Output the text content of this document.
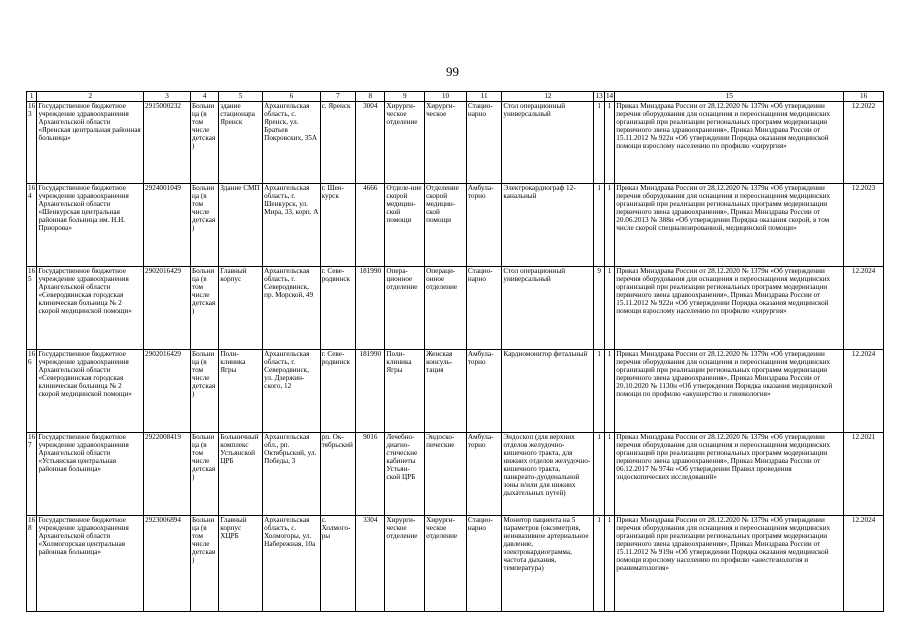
99
1	2	3	4	5	6	7	8	9	10	11	12	13	14	15	16
163	Государственное бюджетное учреждение здравоохранения Архангельской области «Яренская центральная районная больница»	2915000232	Больница (в том числе детская)	здание стационара Яренск	Архангельская область, с. Яренск, ул. Братьев Покровских, 35А	с. Яренск	3004	Хирурги-ческое отделение	Хирурги-ческое	Стацио-нарно	Стол операционный универсальный	1	1	Приказ Минздрава России от 28.12.2020 № 1379н «Об утверждении перечня оборудования для оснащения и переоснащения медицинских организаций при реализации региональных программ модернизации первичного звена здравоохранения», Приказ Минздрава России от 15.11.2012 № 922н «Об утверждении Порядка оказания медицинской помощи взрослому населению по профилю «хирургия»	12.2022
164	Государственное бюджетное учреждение здравоохранения Архангельской области «Шенкурская центральная районная больница им. Н.Н. Приорова»	2924001049	Больница (в том числе детская)	Здание СМП	Архангельская область, г. Шенкурск, ул. Мира, 33, корп. А	г. Шен-курск	4666	Отделе-ние скорой медицин-ской помощи	Отделение скорой медицин-ской помощи	Амбула-торно	Электрокардиограф 12-канальный	1	1	Приказ Минздрава России от 28.12.2020 № 1379н «Об утверждении перечня оборудования для оснащения и переоснащения медицинских организаций при реализации региональных программ модернизации первичного звена здравоохранения», Приказ Минздрава России от 20.06.2013 № 388н «Об утверждении Порядка оказания скорой, в том числе скорой специализированной, медицинской помощи»	12.2023
165	Государственное бюджетное учреждение здравоохранения Архангельской области «Северодвинская городская клиническая больница № 2 скорой медицинской помощи»	2902016429	Больница (в том числе детская)	Главный корпус	Архангельская область, г. Северодвинск, пр. Морской, 49	г. Севе-родвинск	181990	Опера-ционное отделение	Операци-онное отделение	Стацио-нарно	Стол операционный универсальный	9	1	Приказ Минздрава России от 28.12.2020 № 1379н «Об утверждении перечня оборудования для оснащения и переоснащения медицинских организаций при реализации региональных программ модернизации первичного звена здравоохранения», Приказ Минздрава России от 15.11.2012 № 922н «Об утверждении Порядка оказания медицинской помощи взрослому населению по профилю «хирургия»	12.2024
166	Государственное бюджетное учреждение здравоохранения Архангельской области «Северодвинская городская клиническая больница № 2 скорой медицинской помощи»	2902016429	Больница (в том числе детская)	Поли-клиника Ягры	Архангельская область, г. Северодвинск, ул. Дзержин-ского, 12	г. Севе-родвинск	181990	Поли-клиника Ягры	Женская консуль-тация	Амбула-торно	Кардиомонитор фетальный	1	1	Приказ Минздрава России от 28.12.2020 № 1379н «Об утверждении перечня оборудования для оснащения и переоснащения медицинских организаций при реализации региональных программ модернизации первичного звена здравоохранения», Приказ Минздрава России от 20.10.2020 № 1130н «Об утверждении Порядка оказания медицинской помощи по профилю «акушерство и гинекология»	12.2024
167	Государственное бюджетное учреждение здравоохранения Архангельской области «Устьянская центральная районная больница»	2922008419	Больница (в том числе детская)	Больничный комплекс Устьянской ЦРБ	Архангельская обл., рп. Октябрьский, ул. Победы, 3	рп. Ок-тябрьский	9016	Лечебно-диагно-стические кабинеты Устьян-ской ЦРБ	Эндоско-пические	Амбула-торно	Эндоскоп (для верхних отделов желудочно-кишечного тракта, для нижних отделов желудочно-кишечного тракта, панкреато-дуоденальной зоны и/или для нижних дыхательных путей)	1	1	Приказ Минздрава России от 28.12.2020 № 1379н «Об утверждении перечня оборудования для оснащения и переоснащения медицинских организаций при реализации региональных программ модернизации первичного звена здравоохранения», Приказ Минздрава России от 06.12.2017 № 974н «Об утверждении Правил проведения эндоскопических исследований»	12.2021
168	Государственное бюджетное учреждение здравоохранения Архангельской области «Холмогорская центральная районная больница»	2923006894	Больница (в том числе детская)	Главный корпус ХЦРБ	Архангельская область, с. Холмогоры, ул. Набережная, 10а	с. Холмого-ры	3304	Хирурги-ческое отделение	Хирурги-ческое отделение	Стацио-нарно	Монитор пациента на 5 параметров (оксиметрия, неинвазивное артериальное давление, электрокардиограмма, частота дыхания, температура)	1	1	Приказ Минздрава России от 28.12.2020 № 1379н «Об утверждении перечня оборудования для оснащения и переоснащения медицинских организаций при реализации региональных программ модернизации первичного звена здравоохранения», Приказ Минздрава России от 15.11.2012 № 919н «Об утверждении Порядка оказания медицинской помощи взрослому населению по профилю «анестезиология и реаниматология»	12.2024
